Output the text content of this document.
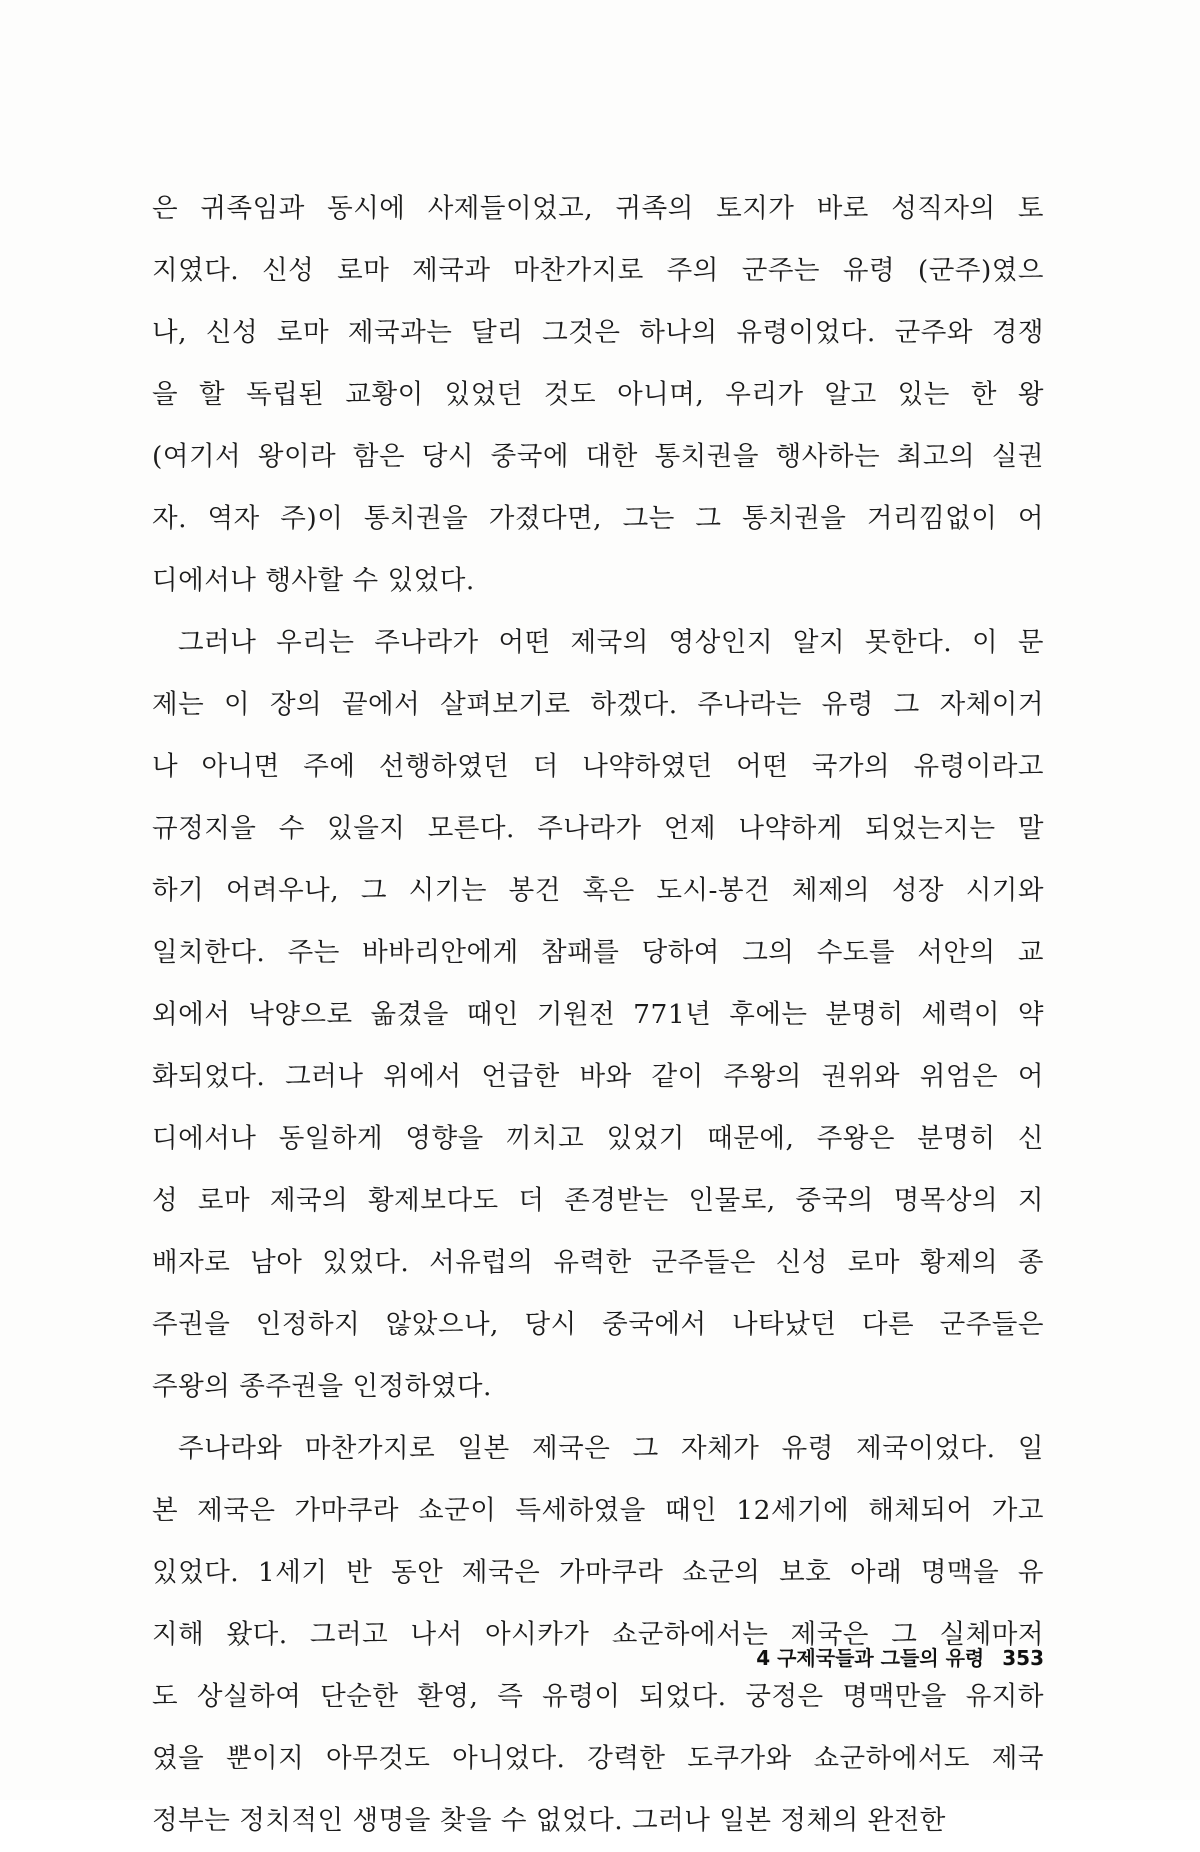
은 귀족임과 동시에 사제들이었고, 귀족의 토지가 바로 성직자의 토
지였다. 신성 로마 제국과 마찬가지로 주의 군주는 유령 (군주)였으
나, 신성 로마 제국과는 달리 그것은 하나의 유령이었다. 군주와 경쟁
을 할 독립된 교황이 있었던 것도 아니며, 우리가 알고 있는 한 왕
(여기서 왕이라 함은 당시 중국에 대한 통치권을 행사하는 최고의 실권
자. 역자 주)이 통치권을 가졌다면, 그는 그 통치권을 거리낌없이 어
디에서나 행사할 수 있었다.

그러나 우리는 주나라가 어떤 제국의 영상인지 알지 못한다. 이 문
제는 이 장의 끝에서 살펴보기로 하겠다. 주나라는 유령 그 자체이거
나 아니면 주에 선행하였던 더 나약하였던 어떤 국가의 유령이라고
규정지을 수 있을지 모른다. 주나라가 언제 나약하게 되었는지는 말
하기 어려우나, 그 시기는 봉건 혹은 도시-봉건 체제의 성장 시기와
일치한다. 주는 바바리안에게 참패를 당하여 그의 수도를 서안의 교
외에서 낙양으로 옮겼을 때인 기원전 771년 후에는 분명히 세력이 약
화되었다. 그러나 위에서 언급한 바와 같이 주왕의 권위와 위엄은 어
디에서나 동일하게 영향을 끼치고 있었기 때문에, 주왕은 분명히 신
성 로마 제국의 황제보다도 더 존경받는 인물로, 중국의 명목상의 지
배자로 남아 있었다. 서유럽의 유력한 군주들은 신성 로마 황제의 종
주권을 인정하지 않았으나, 당시 중국에서 나타났던 다른 군주들은
주왕의 종주권을 인정하였다.

주나라와 마찬가지로 일본 제국은 그 자체가 유령 제국이었다. 일
본 제국은 가마쿠라 쇼군이 득세하였을 때인 12세기에 해체되어 가고
있었다. 1세기 반 동안 제국은 가마쿠라 쇼군의 보호 아래 명맥을 유
지해 왔다. 그러고 나서 아시카가 쇼군하에서는 제국은 그 실체마저
도 상실하여 단순한 환영, 즉 유령이 되었다. 궁정은 명맥만을 유지하
였을 뿐이지 아무것도 아니었다. 강력한 도쿠가와 쇼군하에서도 제국
정부는 정치적인 생명을 찾을 수 없었다. 그러나 일본 정체의 완전한

4 구제국들과 그들의 유령 353
